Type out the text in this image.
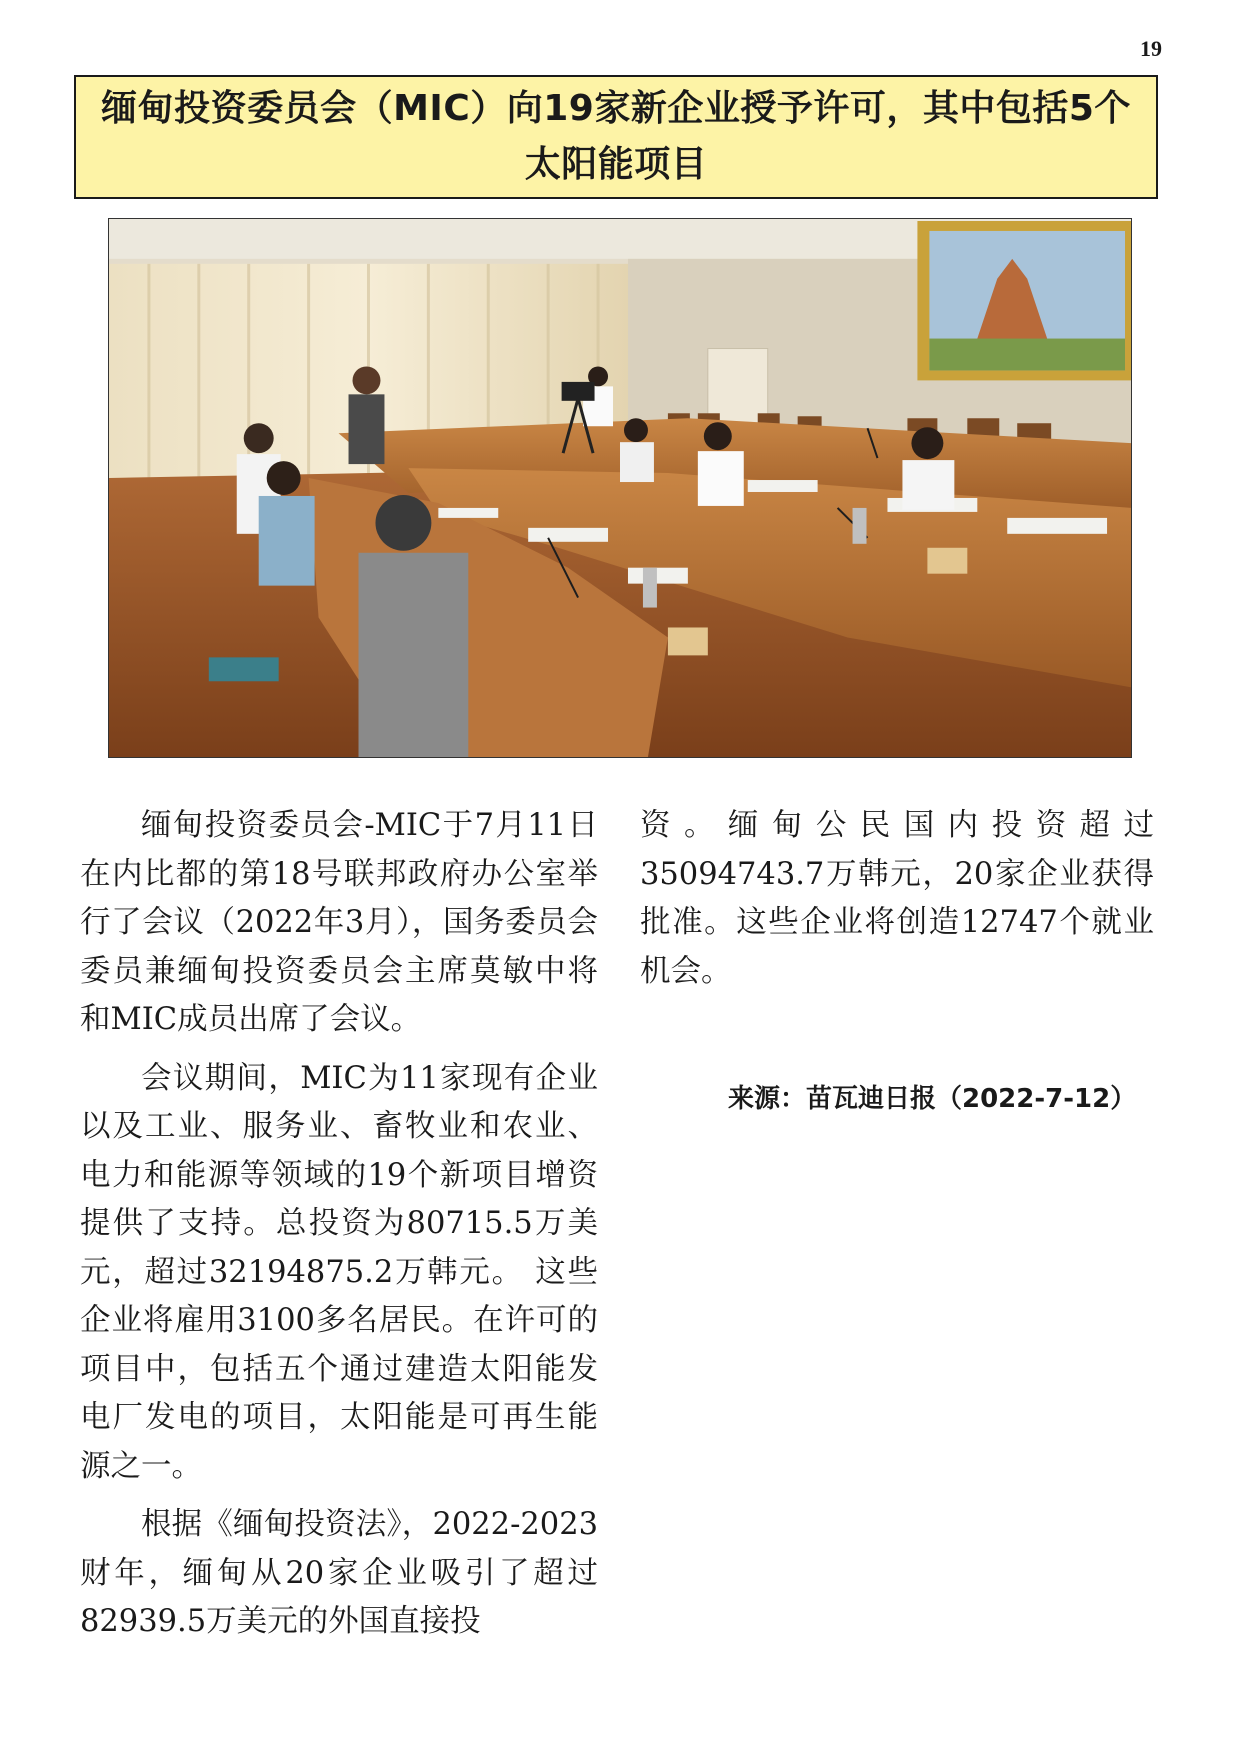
19
缅甸投资委员会（MIC）向19家新企业授予许可，其中包括5个太阳能项目

缅甸投资委员会-MIC于7月11日在内比都的第18号联邦政府办公室举行了会议（2022年3月），国务委员会委员兼缅甸投资委员会主席莫敏中将和MIC成员出席了会议。

会议期间，MIC为11家现有企业以及工业、服务业、畜牧业和农业、电力和能源等领域的19个新项目增资提供了支持。总投资为80715.5万美元，超过32194875.2万韩元。 这些企业将雇用3100多名居民。在许可的项目中，包括五个通过建造太阳能发电厂发电的项目，太阳能是可再生能源之一。

根据《缅甸投资法》，2022-2023财年，缅甸从20家企业吸引了超过82939.5万美元的外国直接投

资。缅甸公民国内投资超过35094743.7万韩元，20家企业获得批准。这些企业将创造12747个就业机会。

来源：苗瓦迪日报（2022-7-12）
